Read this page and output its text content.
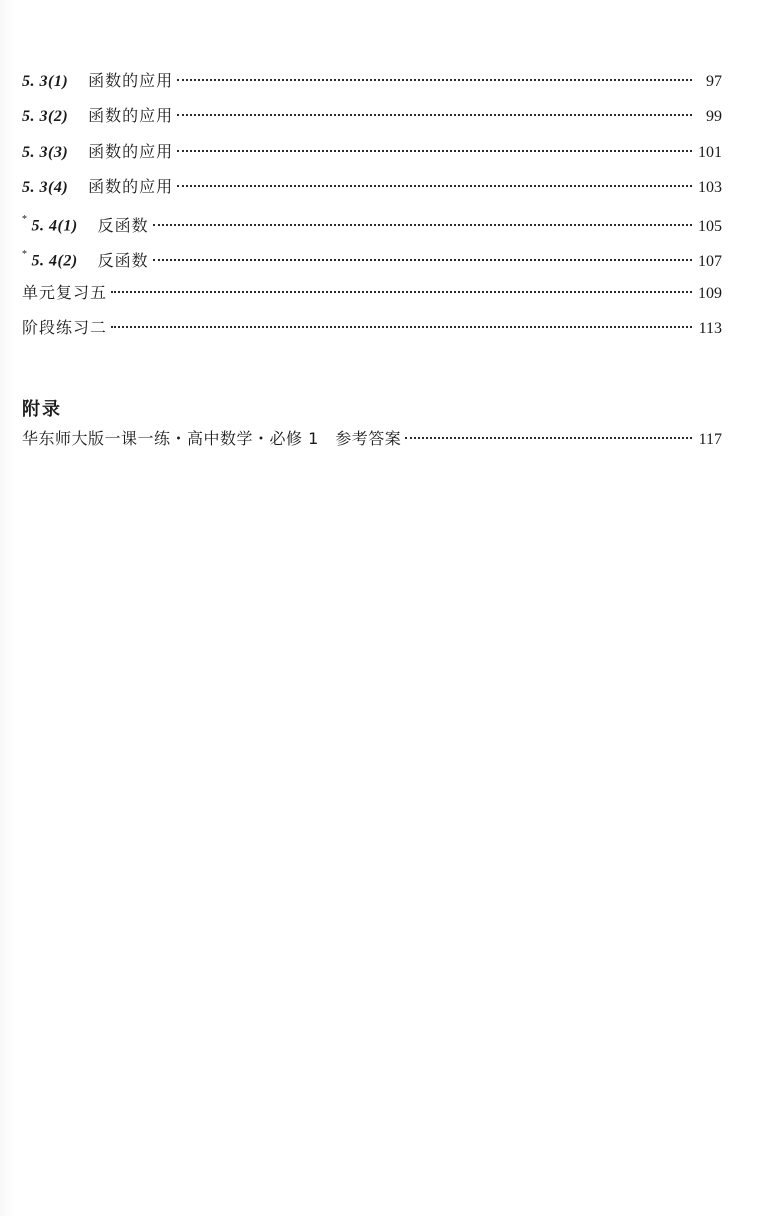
5. 3(1) 函数的应用	97
5. 3(2) 函数的应用	99
5. 3(3) 函数的应用	101
5. 3(4) 函数的应用	103
* 5. 4(1) 反函数	105
* 5. 4(2) 反函数	107
单元复习五	109
阶段练习二	113
附录
华东师大版一课一练・高中数学・必修 1　参考答案	117
